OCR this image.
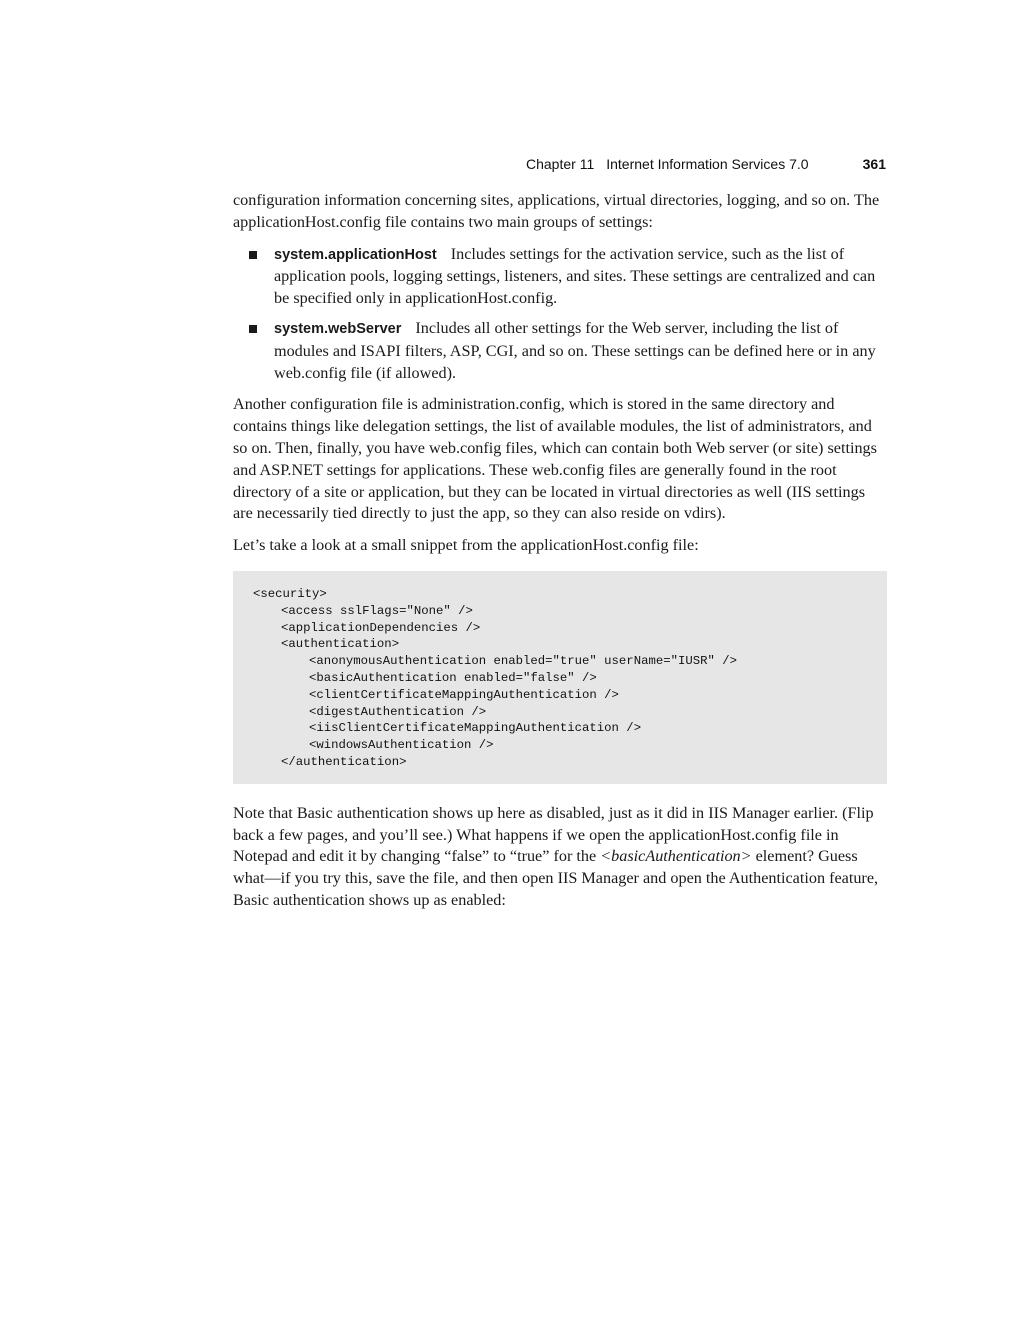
Chapter 11 Internet Information Services 7.0	361

configuration information concerning sites, applications, virtual directories, logging, and so on. The applicationHost.config file contains two main groups of settings:

system.applicationHost Includes settings for the activation service, such as the list of application pools, logging settings, listeners, and sites. These settings are centralized and can be specified only in applicationHost.config.
system.webServer Includes all other settings for the Web server, including the list of modules and ISAPI filters, ASP, CGI, and so on. These settings can be defined here or in any web.config file (if allowed).

Another configuration file is administration.config, which is stored in the same directory and contains things like delegation settings, the list of available modules, the list of administrators, and so on. Then, finally, you have web.config files, which can contain both Web server (or site) settings and ASP.NET settings for applications. These web.config files are generally found in the root directory of a site or application, but they can be located in virtual directories as well (IIS settings are necessarily tied directly to just the app, so they can also reside on vdirs).

Let’s take a look at a small snippet from the applicationHost.config file:

<security>
<access sslFlags="None" />
<applicationDependencies />
<authentication>
<anonymousAuthentication enabled="true" userName="IUSR" />
<basicAuthentication enabled="false" />
<clientCertificateMappingAuthentication />
<digestAuthentication />
<iisClientCertificateMappingAuthentication />
<windowsAuthentication />
</authentication>

Note that Basic authentication shows up here as disabled, just as it did in IIS Manager earlier. (Flip back a few pages, and you’ll see.) What happens if we open the applicationHost.config file in Notepad and edit it by changing “false” to “true” for the <basicAuthentication> element? Guess what—if you try this, save the file, and then open IIS Manager and open the Authentication feature, Basic authentication shows up as enabled:
